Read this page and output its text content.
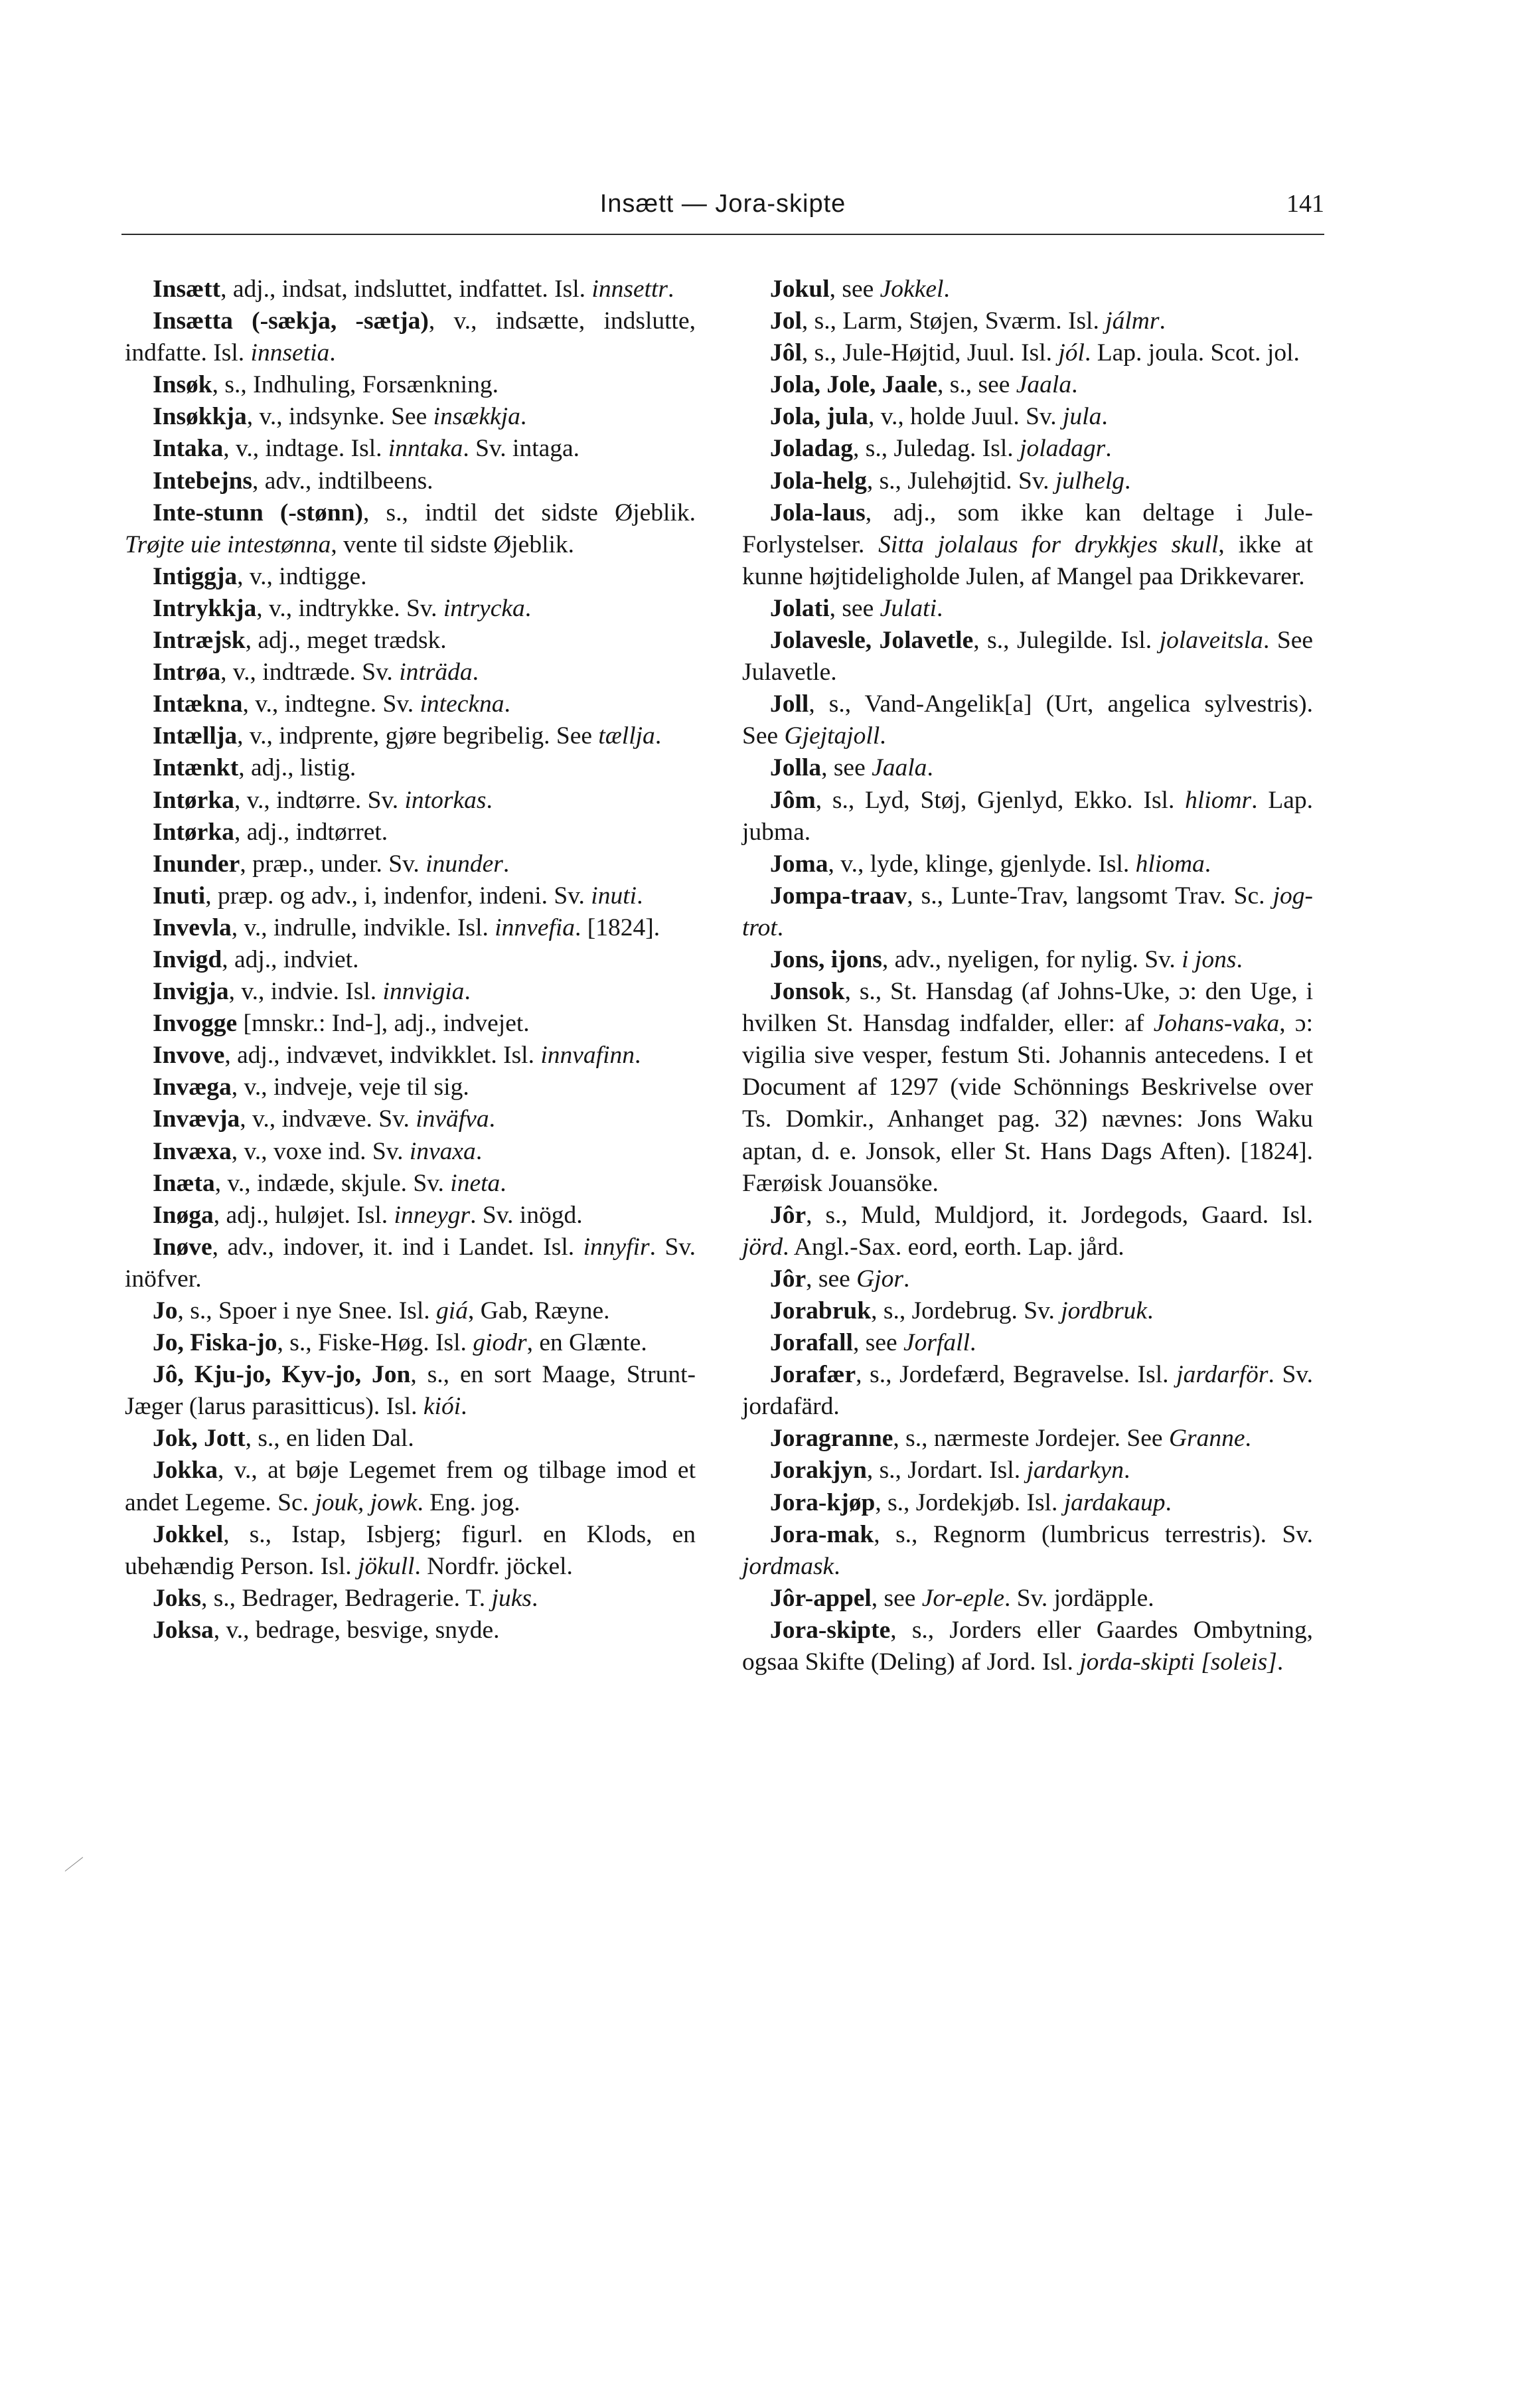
Insætt — Jora-skipte	141

Insætt, adj., indsat, indsluttet, indfattet. Isl. innsettr.

Insætta (-sækja, -sætja), v., indsætte, indslutte, indfatte. Isl. innsetia.

Insøk, s., Indhuling, Forsænkning.

Insøkkja, v., indsynke. See insækkja.

Intaka, v., indtage. Isl. inntaka. Sv. intaga.

Intebejns, adv., indtilbeens.

Inte-stunn (-stønn), s., indtil det sidste Øjeblik. Trøjte uie intestønna, vente til sidste Øjeblik.

Intiggja, v., indtigge.

Intrykkja, v., indtrykke. Sv. intrycka.

Intræjsk, adj., meget trædsk.

Intrøa, v., indtræde. Sv. inträda.

Intækna, v., indtegne. Sv. inteckna.

Intællja, v., indprente, gjøre begribelig. See tællja.

Intænkt, adj., listig.

Intørka, v., indtørre. Sv. intorkas.

Intørka, adj., indtørret.

Inunder, præp., under. Sv. inunder.

Inuti, præp. og adv., i, indenfor, indeni. Sv. inuti.

Invevla, v., indrulle, indvikle. Isl. innvefia. [1824].

Invigd, adj., indviet.

Invigja, v., indvie. Isl. innvigia.

Invogge [mnskr.: Ind-], adj., indvejet.

Invove, adj., indvævet, indvikklet. Isl. innvafinn.

Invæga, v., indveje, veje til sig.

Invævja, v., indvæve. Sv. inväfva.

Invæxa, v., voxe ind. Sv. invaxa.

Inæta, v., indæde, skjule. Sv. ineta.

Inøga, adj., huløjet. Isl. inneygr. Sv. inögd.

Inøve, adv., indover, it. ind i Landet. Isl. innyfir. Sv. inöfver.

Jo, s., Spoer i nye Snee. Isl. giá, Gab, Ræyne.

Jo, Fiska-jo, s., Fiske-Høg. Isl. giodr, en Glænte.

Jô, Kju-jo, Kyv-jo, Jon, s., en sort Maage, Strunt-Jæger (larus parasitticus). Isl. kiói.

Jok, Jott, s., en liden Dal.

Jokka, v., at bøje Legemet frem og tilbage imod et andet Legeme. Sc. jouk, jowk. Eng. jog.

Jokkel, s., Istap, Isbjerg; figurl. en Klods, en ubehændig Person. Isl. jökull. Nordfr. jöckel.

Joks, s., Bedrager, Bedragerie. T. juks.

Joksa, v., bedrage, besvige, snyde.

Jokul, see Jokkel.

Jol, s., Larm, Støjen, Sværm. Isl. jálmr.

Jôl, s., Jule-Højtid, Juul. Isl. jól. Lap. joula. Scot. jol.

Jola, Jole, Jaale, s., see Jaala.

Jola, jula, v., holde Juul. Sv. jula.

Joladag, s., Juledag. Isl. joladagr.

Jola-helg, s., Julehøjtid. Sv. julhelg.

Jola-laus, adj., som ikke kan deltage i Jule-Forlystelser. Sitta jolalaus for drykkjes skull, ikke at kunne højtideligholde Julen, af Mangel paa Drikkevarer.

Jolati, see Julati.

Jolavesle, Jolavetle, s., Julegilde. Isl. jolaveitsla. See Julavetle.

Joll, s., Vand-Angelik[a] (Urt, angelica sylvestris). See Gjejtajoll.

Jolla, see Jaala.

Jôm, s., Lyd, Støj, Gjenlyd, Ekko. Isl. hliomr. Lap. jubma.

Joma, v., lyde, klinge, gjenlyde. Isl. hlioma.

Jompa-traav, s., Lunte-Trav, langsomt Trav. Sc. jog-trot.

Jons, ijons, adv., nyeligen, for nylig. Sv. i jons.

Jonsok, s., St. Hansdag (af Johns-Uke, ɔ: den Uge, i hvilken St. Hansdag indfalder, eller: af Johans-vaka, ɔ: vigilia sive vesper, festum Sti. Johannis antecedens. I et Document af 1297 (vide Schönnings Beskrivelse over Ts. Domkir., Anhanget pag. 32) nævnes: Jons Waku aptan, d. e. Jonsok, eller St. Hans Dags Aften). [1824]. Færøisk Jouansöke.

Jôr, s., Muld, Muldjord, it. Jordegods, Gaard. Isl. jörd. Angl.-Sax. eord, eorth. Lap. jård.

Jôr, see Gjor.

Jorabruk, s., Jordebrug. Sv. jordbruk.

Jorafall, see Jorfall.

Jorafær, s., Jordefærd, Begravelse. Isl. jardarför. Sv. jordafärd.

Joragranne, s., nærmeste Jordejer. See Granne.

Jorakjyn, s., Jordart. Isl. jardarkyn.

Jora-kjøp, s., Jordekjøb. Isl. jardakaup.

Jora-mak, s., Regnorm (lumbricus terrestris). Sv. jordmask.

Jôr-appel, see Jor-eple. Sv. jordäpple.

Jora-skipte, s., Jorders eller Gaardes Ombytning, ogsaa Skifte (Deling) af Jord. Isl. jorda-skipti [soleis].
